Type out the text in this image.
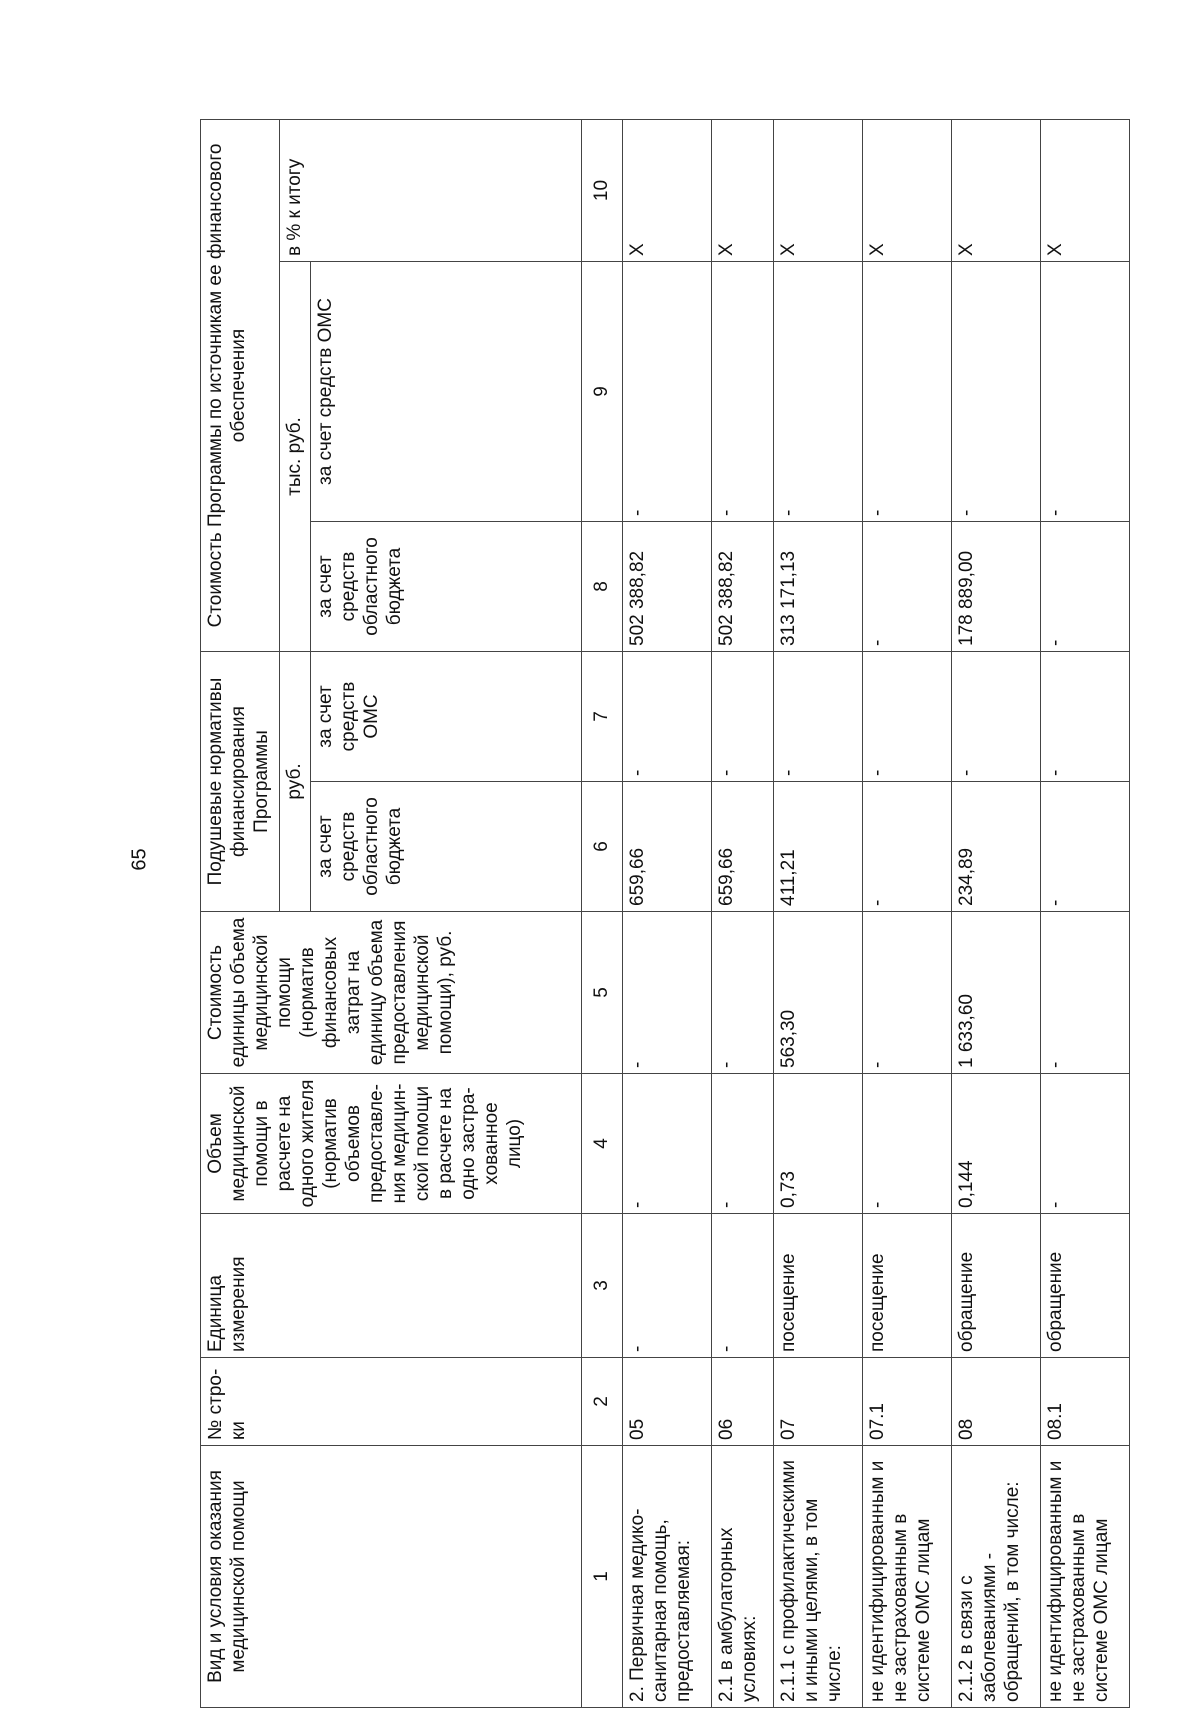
65
Вид и условия оказания медицинской помощи	№ стро-ки	Единица измерения	Объем медицинской помощи в расчете на одного жителя (норматив объемов предоставле-ния медицин-ской помощи в расчете на одно застра-хованное лицо)	Стоимость единицы объема медицинской помощи (норматив финансовых затрат на единицу объема предоставления медицинской помощи), руб.	Подушевые нормативы финансирования Программы		Стоимость Программы по источникам ее финансового обеспечения		
					руб.		тыс. руб.		в % к итогу
					за счет средств областного бюджета	за счет средств ОМС	за счет средств областного бюджета	за счет средств ОМС	
1	2	3	4	5	6	7	8	9	10
2. Первичная медико-санитарная помощь, предоставляемая:	05	-	-	-	659,66	-	502 388,82	-	X
2.1 в амбулаторных условиях:	06	-	-	-	659,66	-	502 388,82	-	X
2.1.1 с профилактическими и иными целями, в том числе:	07	посещение	0,73	563,30	411,21	-	313 171,13	-	X
не идентифицированным и не застрахованным в системе ОМС лицам	07.1	посещение	-	-	-	-	-	-	X
2.1.2 в связи с заболеваниями - обращений, в том числе:	08	обращение	0,144	1 633,60	234,89	-	178 889,00	-	X
не идентифицированным и не застрахованным в системе ОМС лицам	08.1	обращение	-	-	-	-	-	-	X
